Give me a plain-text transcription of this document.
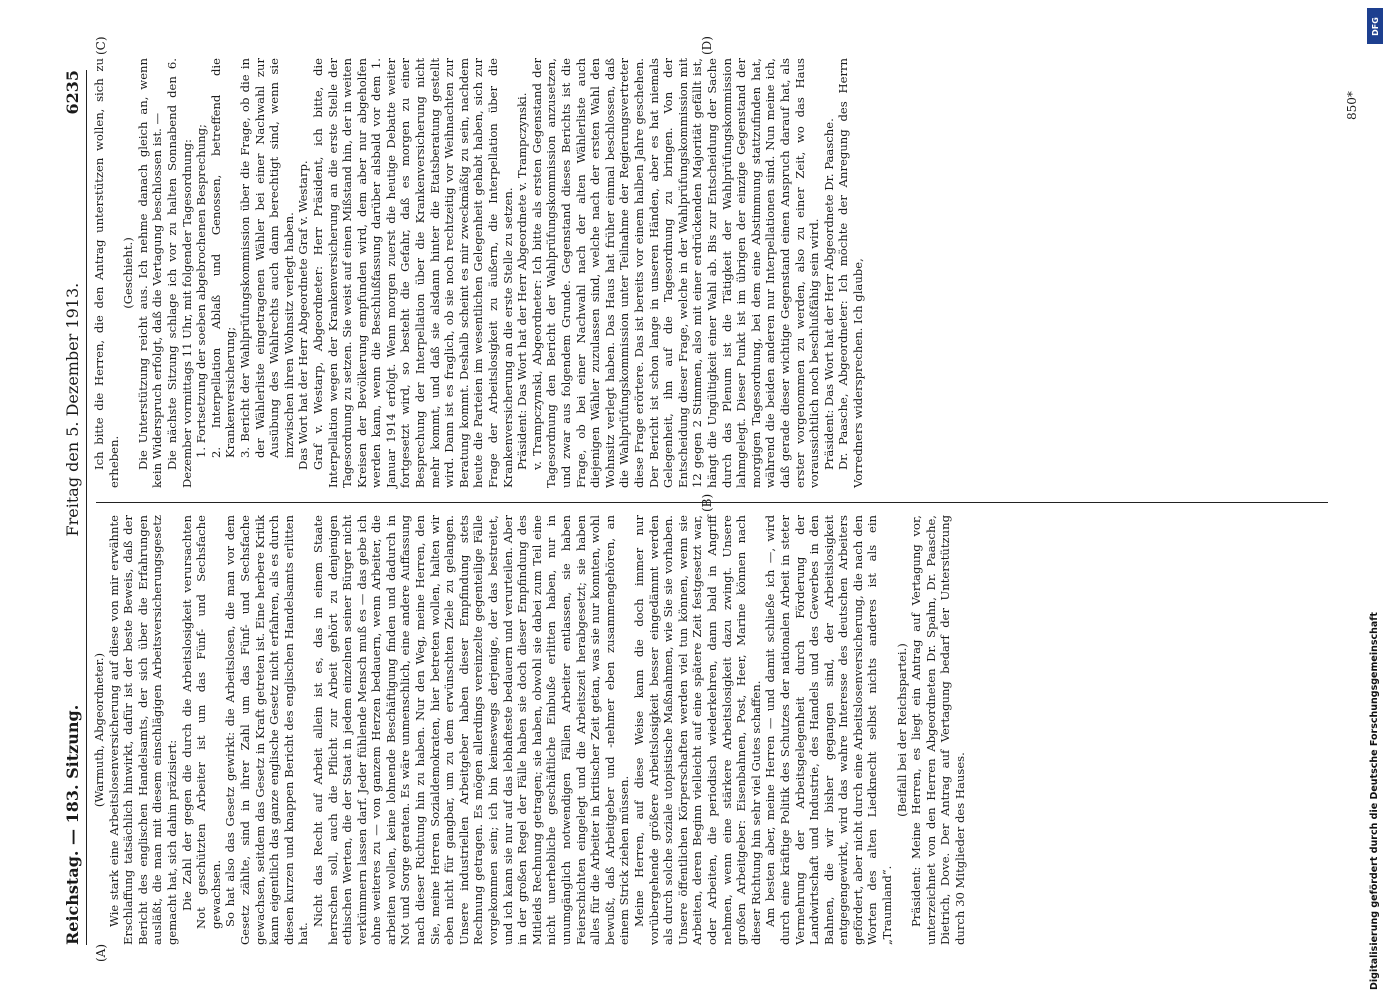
Reichstag. — 183. Sitzung.
Freitag den 5. Dezember 1913.
6235
(A)
(B)
(C)	(D)

(Warmuth, Abgeordneter.) Wie stark eine Arbeitslosenversicherung auf diese von mir erwähnte Erschlaffung tatsächlich hinwirkt, dafür ist der beste Beweis, daß der Bericht des englischen Handelsamts, der sich über die Erfahrungen ausläßt, die man mit diesem einschlägigen Arbeitsversicherungsgesetz gemacht hat, sich dahin präzisiert: Die Zahl der gegen die durch die Arbeitslosigkeit verursachten Not geschützten Arbeiter ist um das Fünf- und Sechsfache gewachsen. So hat also das Gesetz gewirkt: die Arbeitslosen, die man vor dem Gesetz zählte, sind in ihrer Zahl um das Fünf- und Sechsfache gewachsen, seitdem das Gesetz in Kraft getreten ist. Eine herbere Kritik kann eigentlich das ganze englische Gesetz nicht erfahren, als es durch diesen kurzen und knappen Bericht des englischen Handelsamts erlitten hat.

Nicht das Recht auf Arbeit allein ist es, das in einem Staate herrschen soll, auch die Pflicht zur Arbeit gehört zu denjenigen ethischen Werten, die der Staat in jedem einzelnen seiner Bürger nicht verkümmern lassen darf. Jeder fühlende Mensch muß es — das gebe ich ohne weiteres zu — von ganzem Herzen bedauern, wenn Arbeiter, die arbeiten wollen, keine lohnende Beschäftigung finden und dadurch in Not und Sorge geraten. Es wäre unmenschlich, eine andere Auffassung nach dieser Richtung hin zu haben. Nur den Weg, meine Herren, den Sie, meine Herren Sozialdemokraten, hier betreten wollen, halten wir eben nicht für gangbar, um zu dem erwünschten Ziele zu gelangen. Unsere industriellen Arbeitgeber haben dieser Empfindung stets Rechnung getragen. Es mögen allerdings vereinzelte gegenteilige Fälle vorgekommen sein; ich bin keineswegs derjenige, der das bestreitet, und ich kann sie nur auf das lebhafteste bedauern und verurteilen. Aber in der großen Regel der Fälle haben sie doch dieser Empfindung des Mitleids Rechnung getragen; sie haben, obwohl sie dabei zum Teil eine nicht unerhebliche geschäftliche Einbuße erlitten haben, nur in unumgänglich notwendigen Fällen Arbeiter entlassen, sie haben Feierschichten eingelegt und die Arbeitszeit herabgesetzt; sie haben alles für die Arbeiter in kritischer Zeit getan, was sie nur konnten, wohl bewußt, daß Arbeitgeber und -nehmer eben zusammengehören, an einem Strick ziehen müssen. Meine Herren, auf diese Weise kann die doch immer nur vorübergehende größere Arbeitslosigkeit besser eingedämmt werden als durch solche soziale utopistische Maßnahmen, wie Sie sie vorhaben. Unsere öffentlichen Körperschaften werden viel tun können, wenn sie Arbeiten, deren Beginn vielleicht auf eine spätere Zeit festgesetzt war, oder Arbeiten, die periodisch wiederkehren, dann bald in Angriff nehmen, wenn eine stärkere Arbeitslosigkeit dazu zwingt. Unsere großen Arbeitgeber: Eisenbahnen, Post, Heer, Marine können nach dieser Richtung hin sehr viel Gutes schaffen. Am besten aber, meine Herren — und damit schließe ich —, wird durch eine kräftige Politik des Schutzes der nationalen Arbeit in steter Vermehrung der Arbeitsgelegenheit durch Förderung der Landwirtschaft und Industrie, des Handels und des Gewerbes in den Bahnen, die wir bisher gegangen sind, der Arbeitslosigkeit entgegengewirkt, wird das wahre Interesse des deutschen Arbeiters gefördert, aber nicht durch eine Arbeitslosenversicherung, die nach den Worten des alten Liedknecht selbst nichts anderes ist als ein „Traumland“.

(Beifall bei der Reichspartei.) Präsident: Meine Herren, es liegt ein Antrag auf Vertagung vor, unterzeichnet von den Herren Abgeordneten Dr. Spahn, Dr. Paasche, Dietrich, Dove. Der Antrag auf Vertagung bedarf der Unterstützung durch 30 Mitglieder des Hauses.

Ich bitte die Herren, die den Antrag unterstützen wollen, sich zu erheben.

(Geschieht.) Die Unterstützung reicht aus. Ich nehme danach gleich an, wenn kein Widerspruch erfolgt, daß die Vertagung beschlossen ist. — Die nächste Sitzung schlage ich vor zu halten Sonnabend den 6. Dezember vormittags 11 Uhr, mit folgender Tagesordnung: 1. Fortsetzung der soeben abgebrochenen Besprechung; 2. Interpellation Ablaß und Genossen, betreffend die Krankenversicherung; 3. Bericht der Wahlprüfungskommission über die Frage, ob die in der Wählerliste eingetragenen Wähler bei einer Nachwahl zur Ausübung des Wahlrechts auch dann berechtigt sind, wenn sie inzwischen ihren Wohnsitz verlegt haben. Das Wort hat der Herr Abgeordnete Graf v. Westarp. Graf v. Westarp, Abgeordneter: Herr Präsident, ich bitte, die Interpellation wegen der Krankenversicherung an die erste Stelle der Tagesordnung zu setzen. Sie weist auf einen Mißstand hin, der in weiten Kreisen der Bevölkerung empfunden wird, dem aber nur abgeholfen werden kann, wenn die Beschlußfassung darüber alsbald vor dem 1. Januar 1914 erfolgt. Wenn morgen zuerst die heutige Debatte weiter fortgesetzt wird, so besteht die Gefahr, daß es morgen zu einer Besprechung der Interpellation über die Krankenversicherung nicht mehr kommt, und daß sie alsdann hinter die Etatsberatung gestellt wird. Dann ist es fraglich, ob sie noch rechtzeitig vor Weihnachten zur Beratung kommt. Deshalb scheint es mir zweckmäßig zu sein, nachdem heute die Parteien im wesentlichen Gelegenheit gehabt haben, sich zur Frage der Arbeitslosigkeit zu äußern, die Interpellation über die Krankenversicherung an die erste Stelle zu setzen. Präsident: Das Wort hat der Herr Abgeordnete v. Trampczynski. v. Trampczynski, Abgeordneter: Ich bitte als ersten Gegenstand der Tagesordnung den Bericht der Wahlprüfungskommission anzusetzen, und zwar aus folgendem Grunde. Gegenstand dieses Berichts ist die Frage, ob bei einer Nachwahl nach der alten Wählerliste auch diejenigen Wähler zuzulassen sind, welche nach der ersten Wahl den Wohnsitz verlegt haben. Das Haus hat früher einmal beschlossen, daß die Wahlprüfungskommission unter Teilnahme der Regierungsvertreter diese Frage erörtere. Das ist bereits vor einem halben Jahre geschehen. Der Bericht ist schon lange in unseren Händen, aber es hat niemals Gelegenheit, ihn auf die Tagesordnung zu bringen. Von der Entscheidung dieser Frage, welche in der Wahlprüfungskommission mit 12 gegen 2 Stimmen, also mit einer erdrückenden Majorität gefällt ist, hängt die Ungültigkeit einer Wahl ab. Bis zur Entscheidung der Sache durch das Plenum ist die Tätigkeit der Wahlprüfungskommission lahmgelegt. Dieser Punkt ist im übrigen der einzige Gegenstand der morgigen Tagesordnung, bei dem eine Abstimmung stattzufinden hat, während die beiden anderen nur Interpellationen sind. Nun meine ich, daß gerade dieser wichtige Gegenstand einen Anspruch darauf hat, als erster vorgenommen zu werden, also zu einer Zeit, wo das Haus voraussichtlich noch beschlußfähig sein wird. Präsident: Das Wort hat der Herr Abgeordnete Dr. Paasche. Dr. Paasche, Abgeordneter: Ich möchte der Anregung des Herrn Vorredners widersprechen. Ich glaube,

850*
DFG
Digitalisierung gefördert durch die Deutsche Forschungsgemeinschaft
